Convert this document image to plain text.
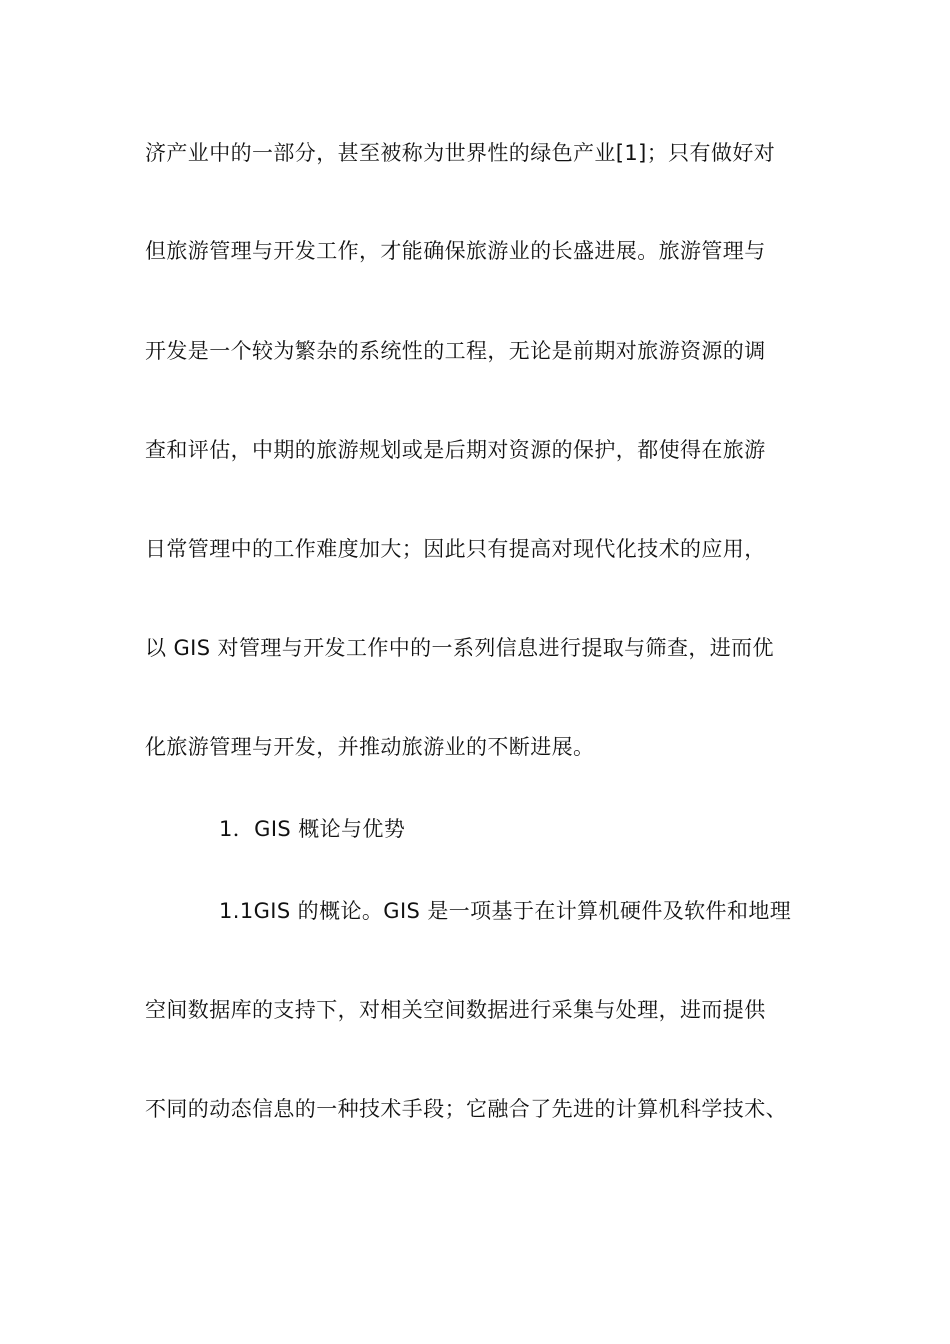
济产业中的一部分，甚至被称为世界性的绿色产业[1]；只有做好对
但旅游管理与开发工作，才能确保旅游业的长盛进展。旅游管理与
开发是一个较为繁杂的系统性的工程，无论是前期对旅游资源的调
查和评估，中期的旅游规划或是后期对资源的保护，都使得在旅游
日常管理中的工作难度加大；因此只有提高对现代化技术的应用，
以 GIS 对管理与开发工作中的一系列信息进行提取与筛查，进而优
化旅游管理与开发，并推动旅游业的不断进展。
1．GIS 概论与优势
1.1GIS 的概论。GIS 是一项基于在计算机硬件及软件和地理
空间数据库的支持下，对相关空间数据进行采集与处理，进而提供
不同的动态信息的一种技术手段；它融合了先进的计算机科学技术、
